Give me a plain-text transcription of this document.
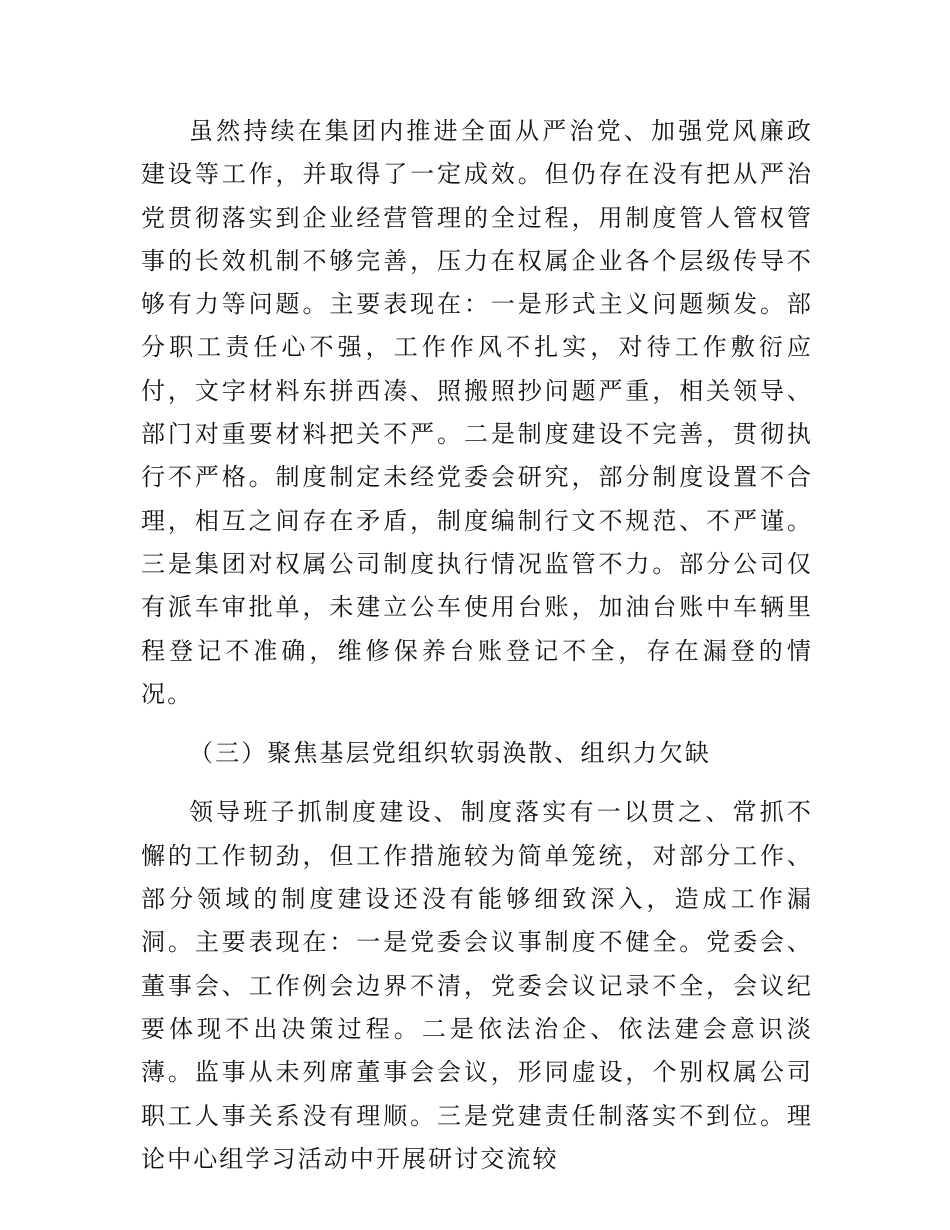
虽然持续在集团内推进全面从严治党、加强党风廉政建设等工作，并取得了一定成效。但仍存在没有把从严治党贯彻落实到企业经营管理的全过程，用制度管人管权管事的长效机制不够完善，压力在权属企业各个层级传导不够有力等问题。主要表现在：一是形式主义问题频发。部分职工责任心不强，工作作风不扎实，对待工作敷衍应付，文字材料东拼西凑、照搬照抄问题严重，相关领导、部门对重要材料把关不严。二是制度建设不完善，贯彻执行不严格。制度制定未经党委会研究，部分制度设置不合理，相互之间存在矛盾，制度编制行文不规范、不严谨。三是集团对权属公司制度执行情况监管不力。部分公司仅有派车审批单，未建立公车使用台账，加油台账中车辆里程登记不准确，维修保养台账登记不全，存在漏登的情况。

（三）聚焦基层党组织软弱涣散、组织力欠缺

领导班子抓制度建设、制度落实有一以贯之、常抓不懈的工作韧劲，但工作措施较为简单笼统，对部分工作、部分领域的制度建设还没有能够细致深入，造成工作漏洞。主要表现在：一是党委会议事制度不健全。党委会、董事会、工作例会边界不清，党委会议记录不全，会议纪要体现不出决策过程。二是依法治企、依法建会意识淡薄。监事从未列席董事会会议，形同虚设，个别权属公司职工人事关系没有理顺。三是党建责任制落实不到位。理论中心组学习活动中开展研讨交流较
